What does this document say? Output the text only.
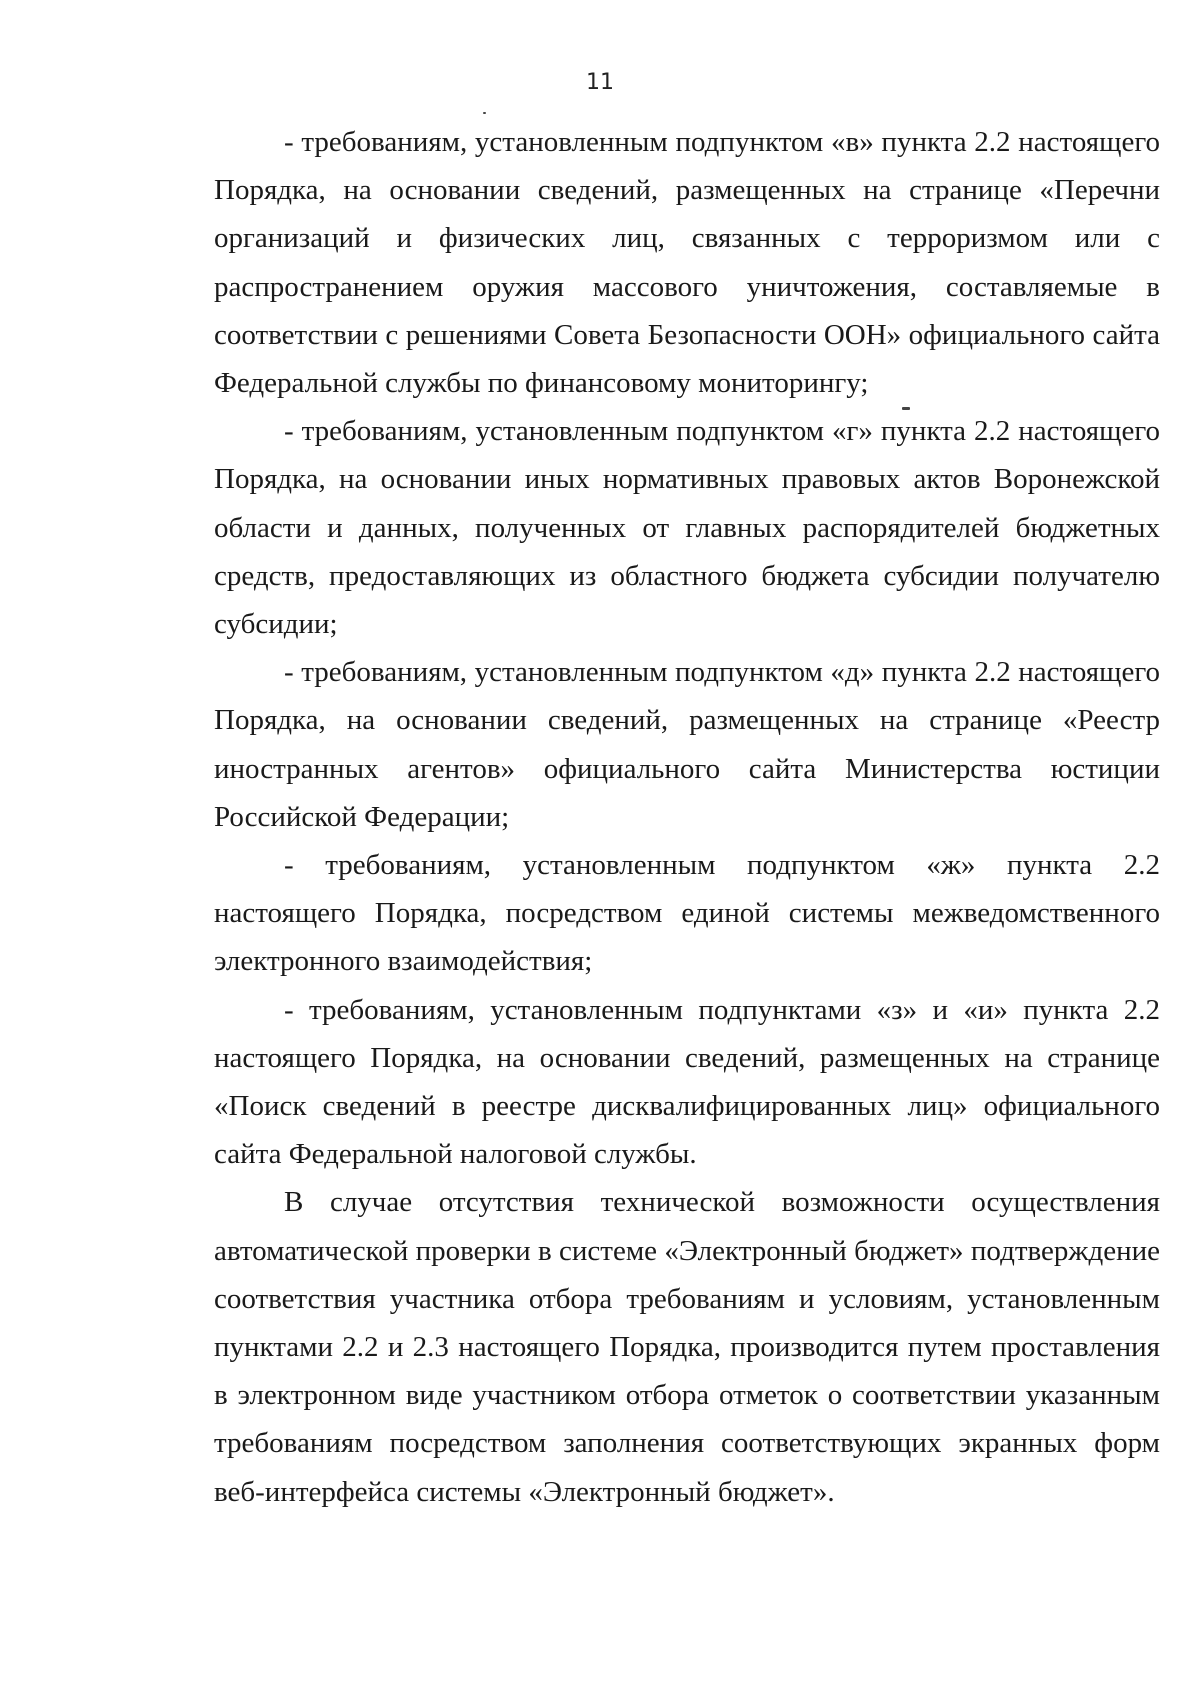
11

- требованиям, установленным подпунктом «в» пункта 2.2 настоящего Порядка, на основании сведений, размещенных на странице «Перечни организаций и физических лиц, связанных с терроризмом или с распространением оружия массового уничтожения, составляемые в соответствии с решениями Совета Безопасности ООН» официального сайта Федеральной службы по финансовому мониторингу;

- требованиям, установленным подпунктом «г» пункта 2.2 настоящего Порядка, на основании иных нормативных правовых актов Воронежской области и данных, полученных от главных распорядителей бюджетных средств, предоставляющих из областного бюджета субсидии получателю субсидии;

- требованиям, установленным подпунктом «д» пункта 2.2 настоящего Порядка, на основании сведений, размещенных на странице «Реестр иностранных агентов» официального сайта Министерства юстиции Российской Федерации;

- требованиям, установленным подпунктом «ж» пункта 2.2 настоящего Порядка, посредством единой системы межведомственного электронного взаимодействия;

- требованиям, установленным подпунктами «з» и «и» пункта 2.2 настоящего Порядка, на основании сведений, размещенных на странице «Поиск сведений в реестре дисквалифицированных лиц» официального сайта Федеральной налоговой службы.

В случае отсутствия технической возможности осуществления автоматической проверки в системе «Электронный бюджет» подтверждение соответствия участника отбора требованиям и условиям, установленным пунктами 2.2 и 2.3 настоящего Порядка, производится путем проставления в электронном виде участником отбора отметок о соответствии указанным требованиям посредством заполнения соответствующих экранных форм веб-интерфейса системы «Электронный бюджет».
